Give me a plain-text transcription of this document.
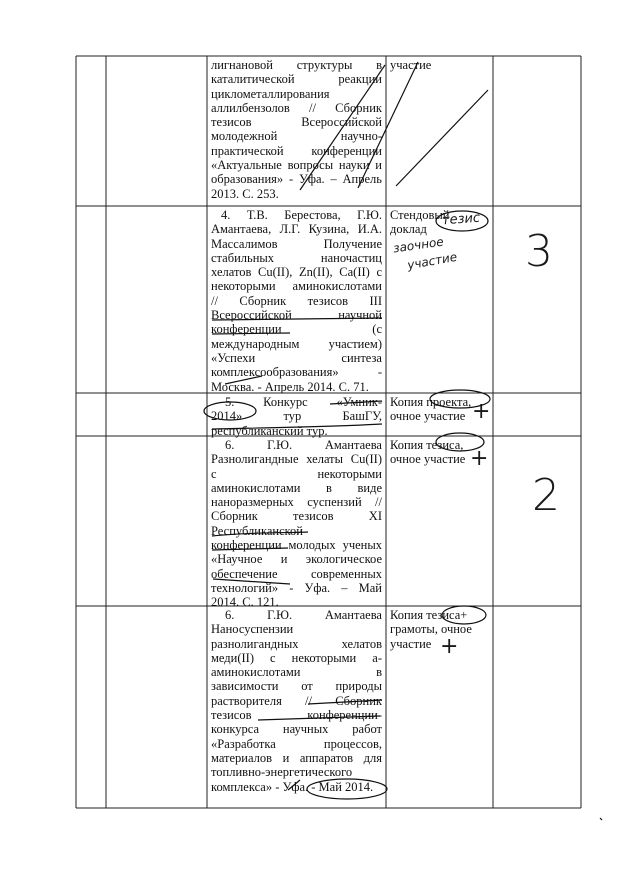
лигнановой структуры в
каталитической реакции
циклометаллирования
аллилбензолов // Сборник
тезисов Всероссийской
молодежной научно-
практической конференции
«Актуальные вопросы науки и
образования» - Уфа. – Апрель
2013. С. 253.
участие
4. Т.В. Берестова, Г.Ю.
Амантаева, Л.Г. Кузина, И.А.
Массалимов Получение
стабильных наночастиц
хелатов Cu(II), Zn(II), Ca(II) с
некоторыми аминокислотами
// Сборник тезисов III
Всероссийской научной
конференции (с
международным участием)
«Успехи синтеза
комплексообразования» -
Москва. - Апрель 2014. С. 71.
Стендовый
доклад
тезис
заочное
участие 3
5. Конкурс «Умник-
2014» тур БашГУ,
республиканский тур.
Копия проекта,
очное участие +
6. Г.Ю. Амантаева
Разнолигандные хелаты Cu(II)
с некоторыми
аминокислотами в виде
наноразмерных суспензий //
Сборник тезисов XI
Республиканской
конференции молодых ученых
«Научное и экологическое
обеспечение современных
технологий» - Уфа. – Май
2014. С. 121.
Копия тезиса,
очное участие +
2
6. Г.Ю. Амантаева
Наносуспензии
разнолигандных хелатов
меди(II) с некоторыми а-
аминокислотами в
зависимости от природы
растворителя // Сборник
тезисов конференции-
конкурса научных работ
«Разработка процессов,
материалов и аппаратов для
топливно-энергетического
комплекса» - Уфа. - Май 2014.
Копия тезиса+
грамоты, очное
участие +
